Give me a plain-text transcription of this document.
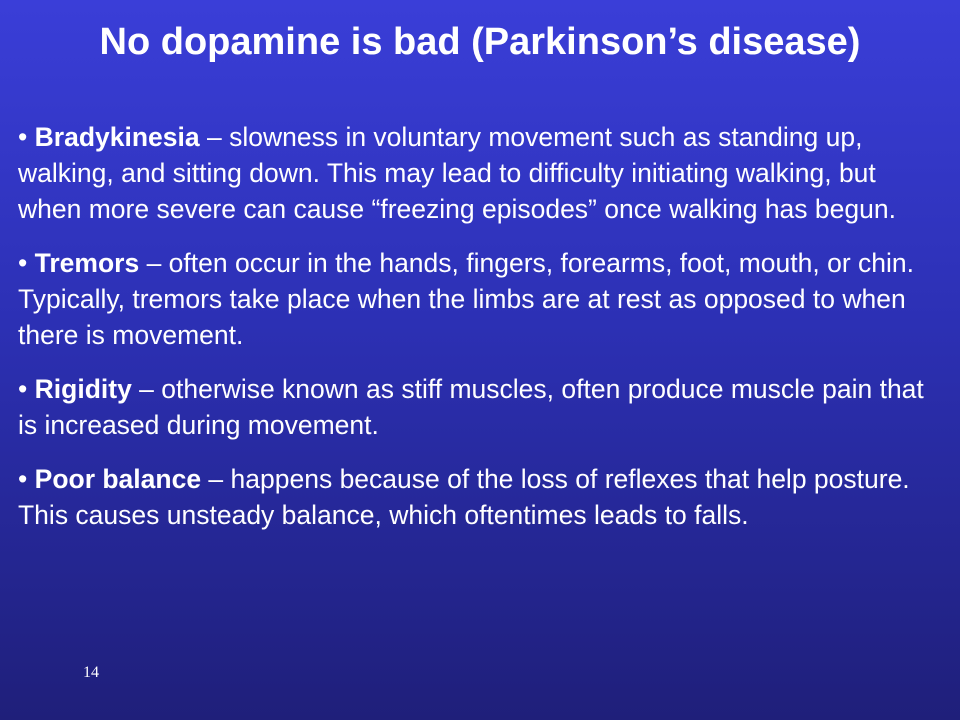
No dopamine is bad (Parkinson’s disease)
• Bradykinesia – slowness in voluntary movement such as standing up, walking, and sitting down. This may lead to difficulty initiating walking, but when more severe can cause “freezing episodes” once walking has begun.
• Tremors – often occur in the hands, fingers, forearms, foot, mouth, or chin. Typically, tremors take place when the limbs are at rest as opposed to when there is movement.
• Rigidity – otherwise known as stiff muscles, often produce muscle pain that is increased during movement.
• Poor balance – happens because of the loss of reflexes that help posture. This causes unsteady balance, which oftentimes leads to falls.
14
